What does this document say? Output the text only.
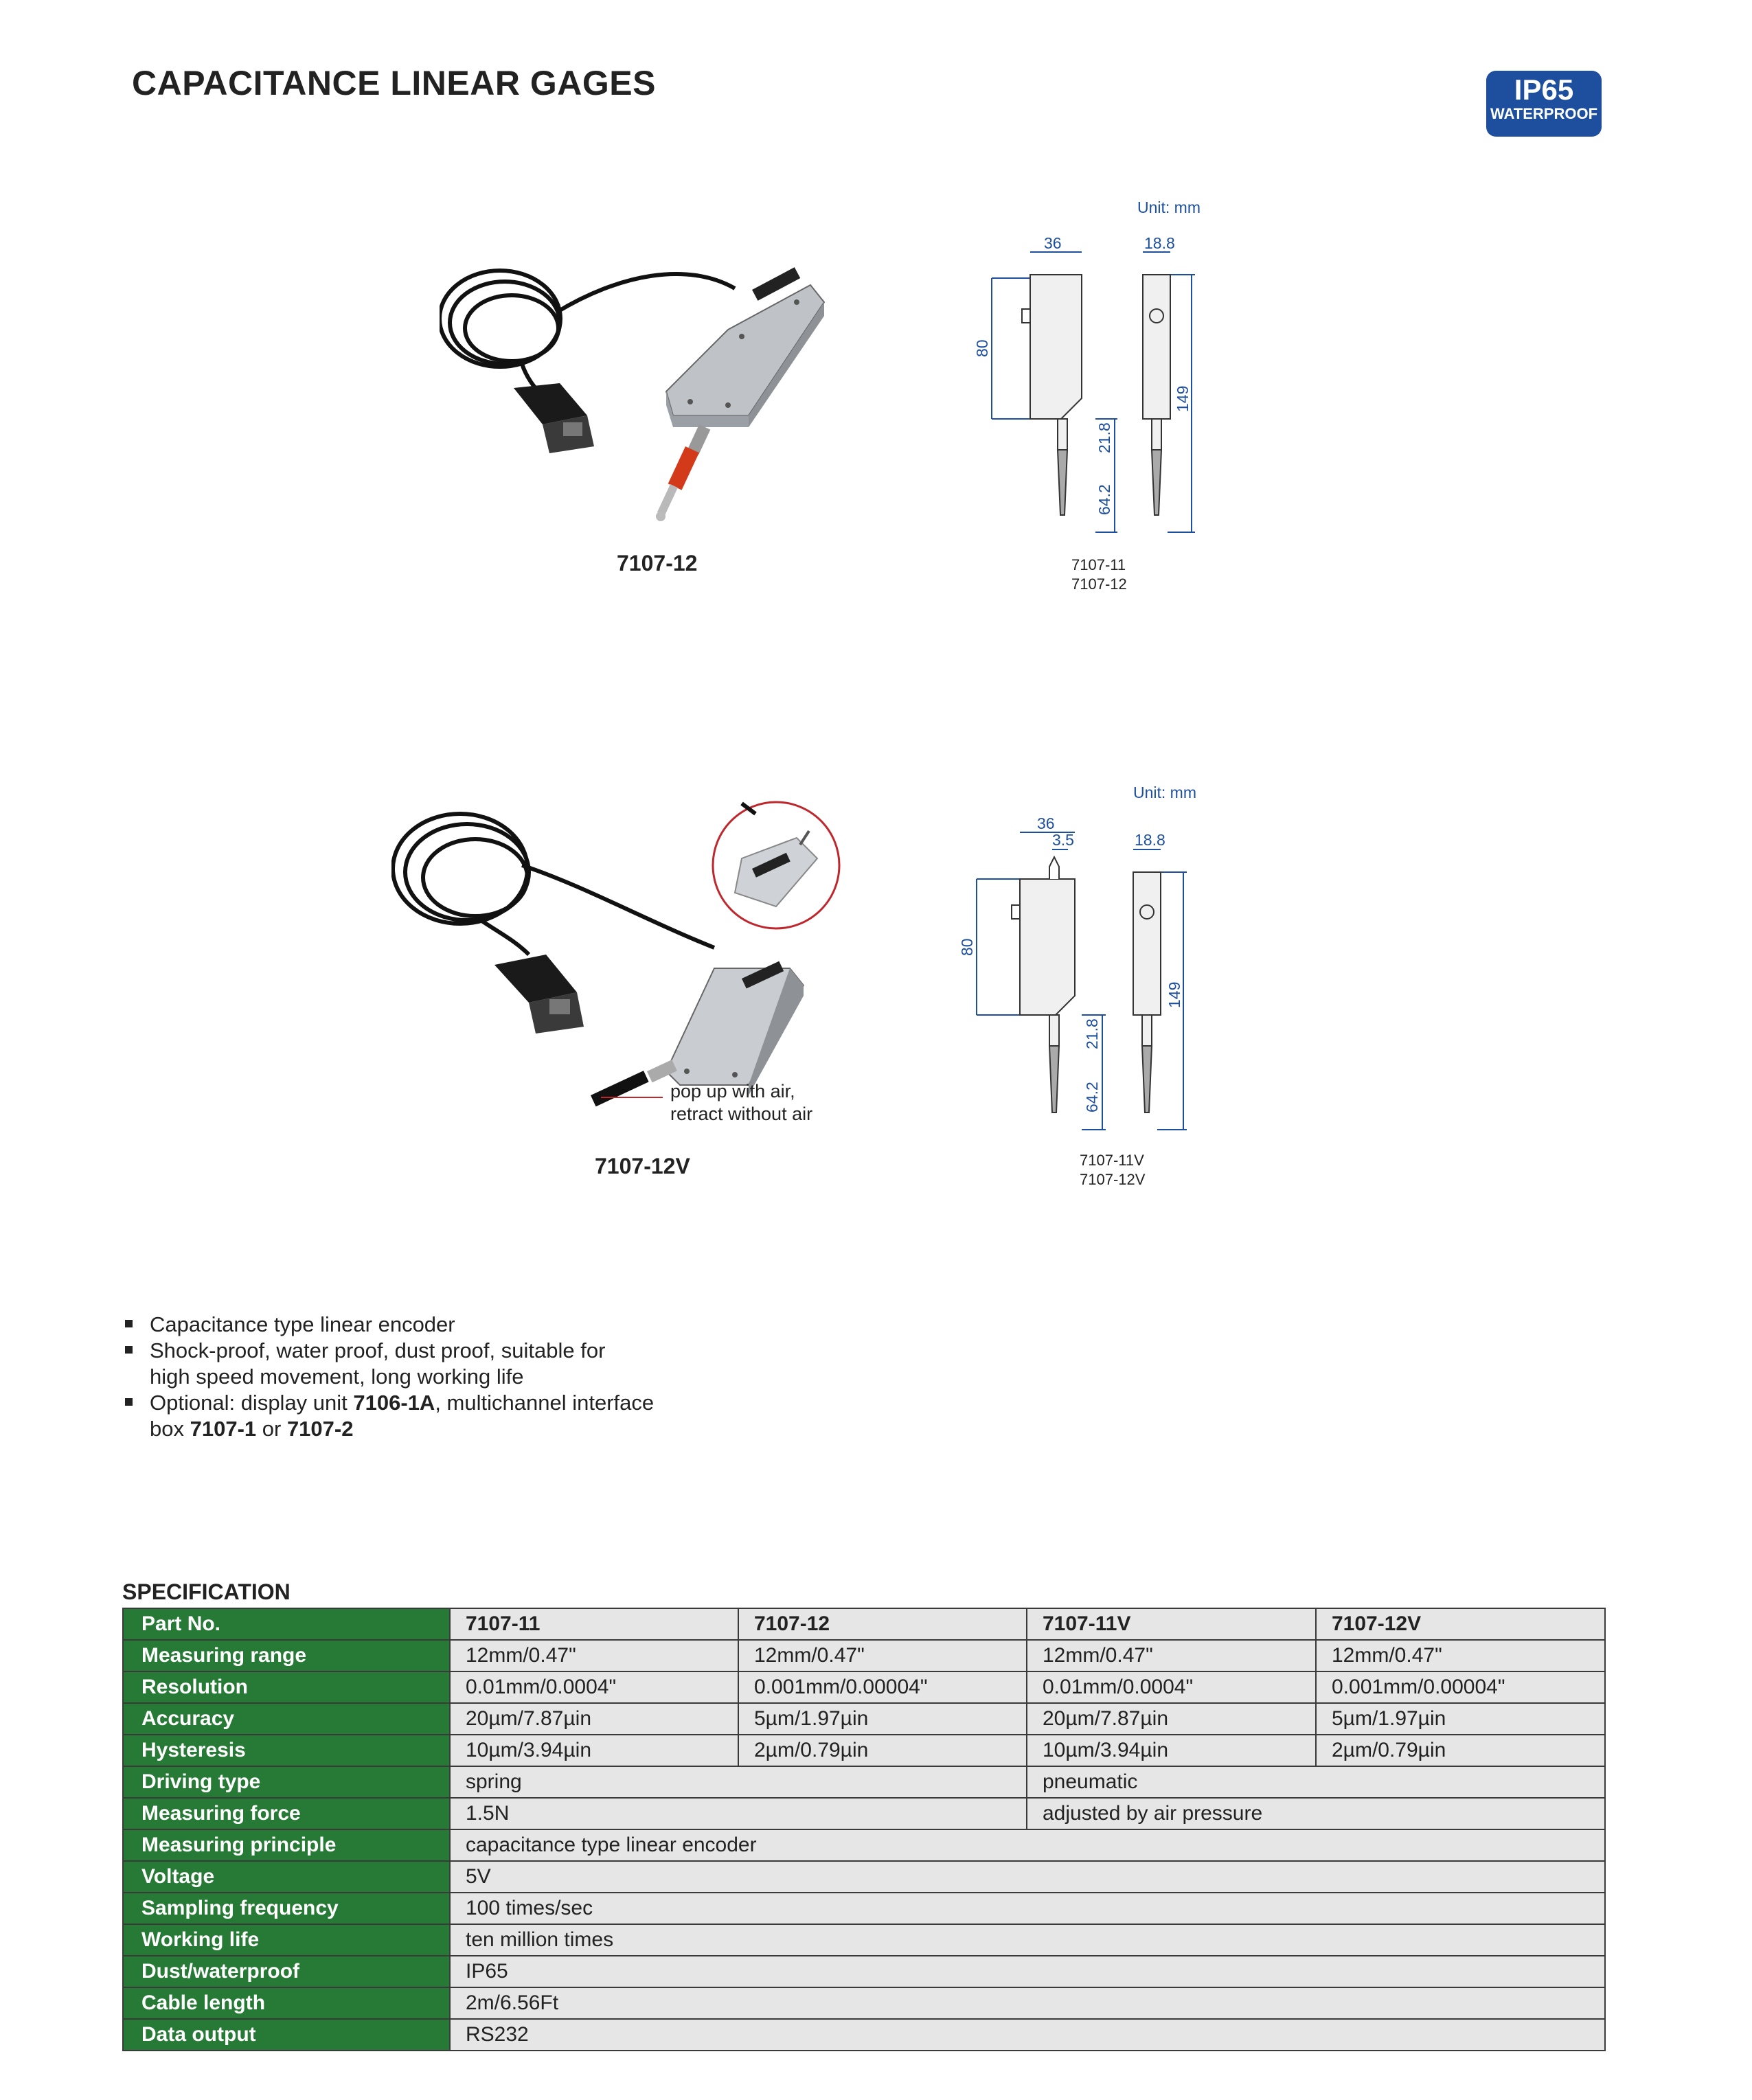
CAPACITANCE LINEAR GAGES	IP65
WATERPROOF
7107-12
Unit: mm
36	18.8
80
149
21.8
64.2
7107-11
7107-12
pop up with air,
retract without air
7107-12V
Unit: mm
36
3.5	18.8
80
149
21.8
64.2
7107-11V
7107-12V
Capacitance type linear encoder
Shock-proof, water proof, dust proof, suitable for
high speed movement, long working life
Optional: display unit 7106-1A, multichannel interface
box 7107-1 or 7107-2
SPECIFICATION
Part No.	7107-11	7107-12	7107-11V	7107-12V
Measuring range	12mm/0.47"	12mm/0.47"	12mm/0.47"	12mm/0.47"
Resolution	0.01mm/0.0004"	0.001mm/0.00004"	0.01mm/0.0004"	0.001mm/0.00004"
Accuracy	20µm/7.87µin	5µm/1.97µin	20µm/7.87µin	5µm/1.97µin
Hysteresis	10µm/3.94µin	2µm/0.79µin	10µm/3.94µin	2µm/0.79µin
Driving type	spring		pneumatic	
Measuring force	1.5N		adjusted by air pressure	
Measuring principle	capacitance type linear encoder			
Voltage	5V			
Sampling frequency	100 times/sec			
Working life	ten million times			
Dust/waterproof	IP65			
Cable length	2m/6.56Ft			
Data output	RS232			
